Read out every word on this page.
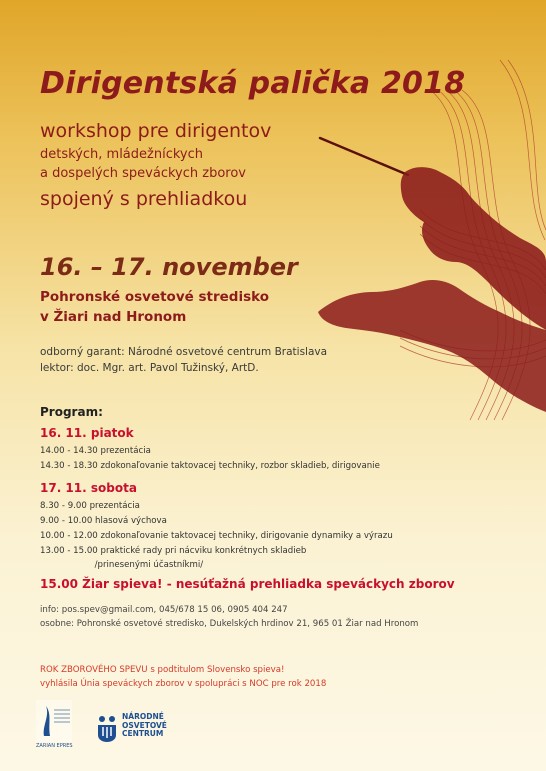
Dirigentská palička 2018
workshop pre dirigentov
detských, mládežníckych
a dospelých speváckych zborov
spojený s prehliadkou
16. – 17. november
Pohronské osvetové stredisko
v Žiari nad Hronom
odborný garant: Národné osvetové centrum Bratislava
lektor: doc. Mgr. art. Pavol Tužinský, ArtD.
Program:
16. 11. piatok
14.00 - 14.30 prezentácia
14.30 - 18.30 zdokonaľovanie taktovacej techniky, rozbor skladieb, dirigovanie
17. 11. sobota
8.30 - 9.00 prezentácia
9.00 - 10.00 hlasová výchova
10.00 - 12.00 zdokonaľovanie taktovacej techniky, dirigovanie dynamiky a výrazu
13.00 - 15.00 praktické rady pri nácviku konkrétnych skladieb
/prinesenými účastníkmi/
15.00 Žiar spieva! - nesúťažná prehliadka speváckych zborov
info: pos.spev@gmail.com, 045/678 15 06, 0905 404 247
osobne: Pohronské osvetové stredisko, Dukelských hrdinov 21, 965 01 Žiar nad Hronom
ROK ZBOROVÉHO SPEVU s podtitulom Slovensko spieva!
vyhlásila Únia speváckych zborov v spolupráci s NOC pre rok 2018
ZARIAN EPRES
NÁRODNÉ
OSVETOVÉ
CENTRUM
